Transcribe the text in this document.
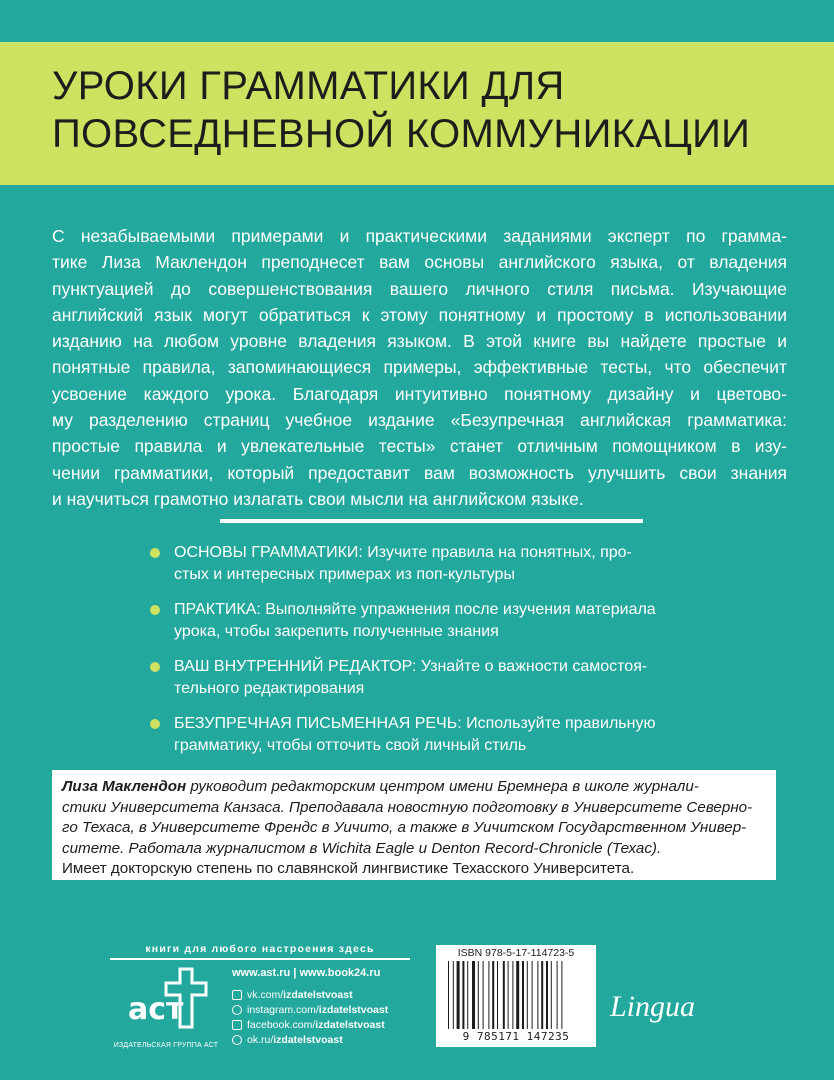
УРОКИ ГРАММАТИКИ ДЛЯ
ПОВСЕДНЕВНОЙ КОММУНИКАЦИИ
С незабываемыми примерами и практическими заданиями эксперт по граммa-
тике Лиза Маклендон преподнесет вам основы английского языка, от владения
пунктуацией до совершенствования вашего личного стиля письма. Изучающие
английский язык могут обратиться к этому понятному и простому в использовании
изданию на любом уровне владения языком. В этой книге вы найдете простые и
понятные правила, запоминающиеся примеры, эффективные тесты, что обеспечит
усвоение каждого урока. Благодаря интуитивно понятному дизайну и цветово-
му разделению страниц учебное издание «Безупречная английская грамматика:
простые правила и увлекательные тесты» станет отличным помощником в изу-
чении грамматики, который предоставит вам возможность улучшить свои знания
и научиться грамотно излагать свои мысли на английском языке.
ОСНОВЫ ГРАММАТИКИ: Изучите правила на понятных, про-
стых и интересных примерах из поп-культуры
ПРАКТИКА: Выполняйте упражнения после изучения материала
урока, чтобы закрепить полученные знания
ВАШ ВНУТРЕННИЙ РЕДАКТОР: Узнайте о важности самостоя-
тельного редактирования
БЕЗУПРЕЧНАЯ ПИСЬМЕННАЯ РЕЧЬ: Используйте правильную
грамматику, чтобы отточить свой личный стиль
Лиза Маклендон руководит редакторским центром имени Бремнера в школе журнали-
стики Университета Канзаса. Преподавала новостную подготовку в Университете Северно-
го Техаса, в Университете Френдс в Уичито, а также в Уичитском Государственном Универ-
ситете. Работала журналистом в Wichita Eagle и Denton Record-Chronicle (Техас).
Имеет докторскую степень по славянской лингвистике Техасского Университета.
книги для любого настроения здесь
аст
ИЗДАТЕЛЬСКАЯ ГРУППА АСТ
www.ast.ru | www.book24.ru
vk.com/izdatelstvoast
instagram.com/izdatelstvoast
facebook.com/izdatelstvoast
ok.ru/izdatelstvoast
ISBN 978-5-17-114723-5
9 785171 147235
Lingua
